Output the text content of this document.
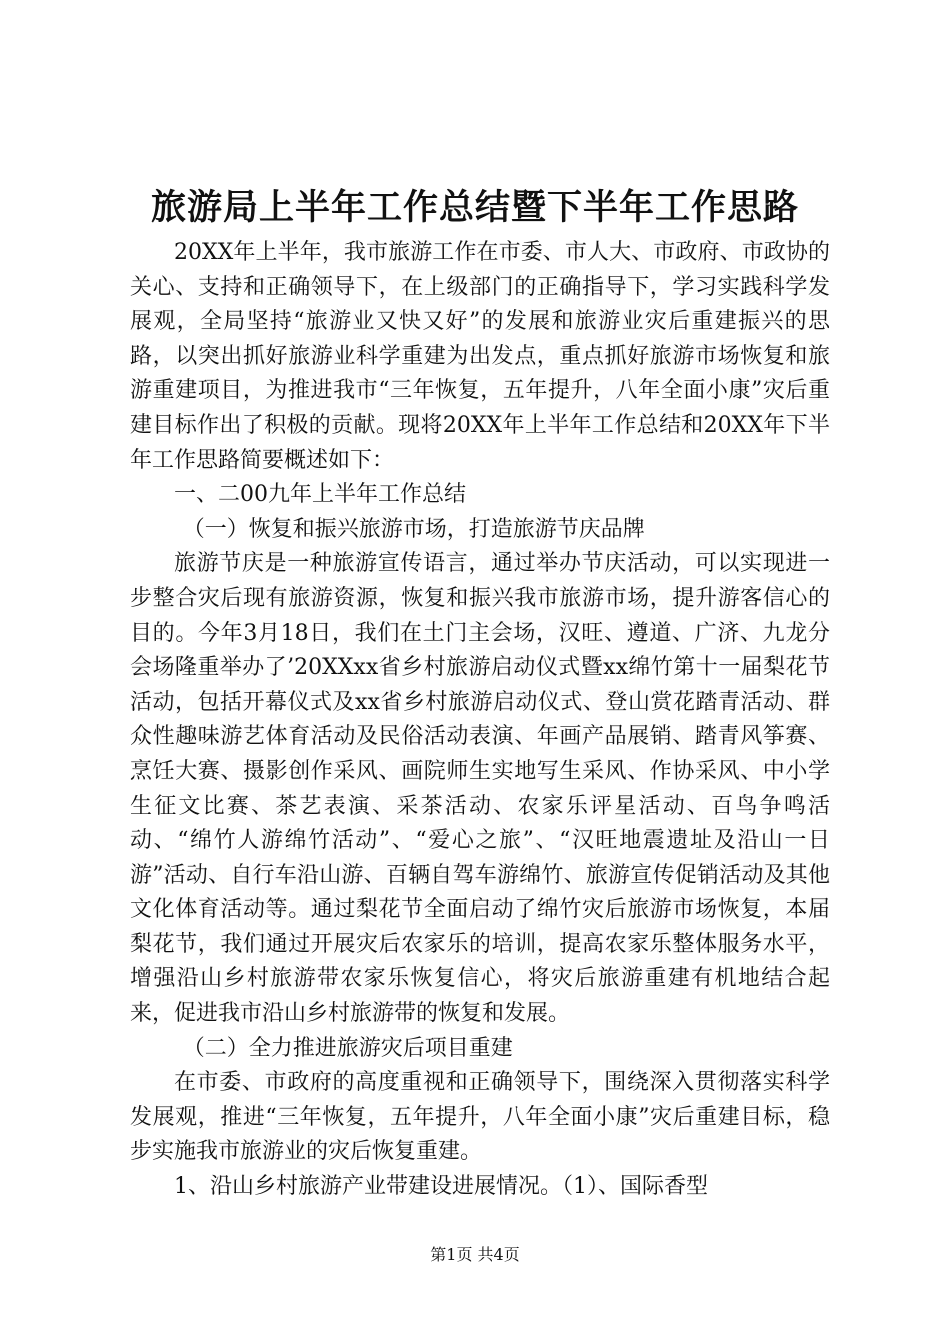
旅游局上半年工作总结暨下半年工作思路

20XX年上半年，我市旅游工作在市委、市人大、市政府、市政协的关心、支持和正确领导下，在上级部门的正确指导下，学习实践科学发展观，全局坚持“旅游业又快又好”的发展和旅游业灾后重建振兴的思路，以突出抓好旅游业科学重建为出发点，重点抓好旅游市场恢复和旅游重建项目，为推进我市“三年恢复，五年提升，八年全面小康”灾后重建目标作出了积极的贡献。现将20XX年上半年工作总结和20XX年下半年工作思路简要概述如下：

一、二00九年上半年工作总结

（一）恢复和振兴旅游市场，打造旅游节庆品牌

旅游节庆是一种旅游宣传语言，通过举办节庆活动，可以实现进一步整合灾后现有旅游资源，恢复和振兴我市旅游市场，提升游客信心的目的。今年3月18日，我们在土门主会场，汉旺、遵道、广济、九龙分会场隆重举办了’20XXxx省乡村旅游启动仪式暨xx绵竹第十一届梨花节活动，包括开幕仪式及xx省乡村旅游启动仪式、登山赏花踏青活动、群众性趣味游艺体育活动及民俗活动表演、年画产品展销、踏青风筝赛、烹饪大赛、摄影创作采风、画院师生实地写生采风、作协采风、中小学生征文比赛、茶艺表演、采茶活动、农家乐评星活动、百鸟争鸣活动、“绵竹人游绵竹活动”、“爱心之旅”、“汉旺地震遗址及沿山一日游”活动、自行车沿山游、百辆自驾车游绵竹、旅游宣传促销活动及其他文化体育活动等。通过梨花节全面启动了绵竹灾后旅游市场恢复，本届梨花节，我们通过开展灾后农家乐的培训，提高农家乐整体服务水平，增强沿山乡村旅游带农家乐恢复信心，将灾后旅游重建有机地结合起来，促进我市沿山乡村旅游带的恢复和发展。

（二）全力推进旅游灾后项目重建

在市委、市政府的高度重视和正确领导下，围绕深入贯彻落实科学发展观，推进“三年恢复，五年提升，八年全面小康”灾后重建目标，稳步实施我市旅游业的灾后恢复重建。

1、沿山乡村旅游产业带建设进展情况。（1）、国际香型

第1页 共4页
